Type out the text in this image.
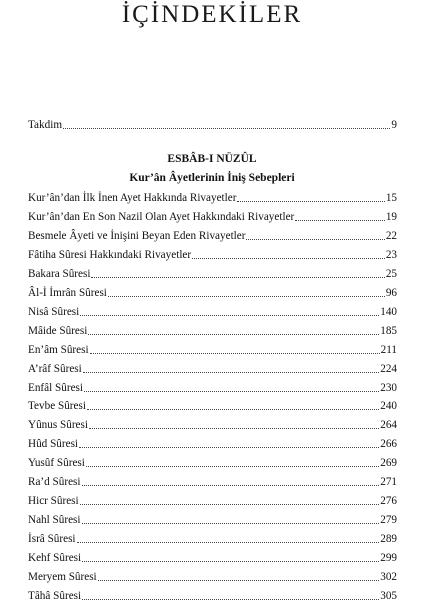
İÇİNDEKİLER
Takdim	9
ESBÂB-I NÜZÛL
Kur’ân Âyetlerinin İniş Sebepleri
Kur’ân’dan İlk İnen Ayet Hakkında Rivayetler	15
Kur’ân’dan En Son Nazil Olan Ayet Hakkındaki Rivayetler	19
Besmele Âyeti ve İnişini Beyan Eden Rivayetler	22
Fâtiha Sûresi Hakkındaki Rivayetler	23
Bakara Sûresi	25
Âl-İ İmrân Sûresi	96
Nisâ Sûresi	140
Mâide Sûresi	185
En’âm Sûresi	211
A’râf Sûresi	224
Enfâl Sûresi	230
Tevbe Sûresi	240
Yûnus Sûresi	264
Hûd Sûresi	266
Yusûf Sûresi	269
Ra’d Sûresi	271
Hicr Sûresi	276
Nahl Sûresi	279
İsrâ Sûresi	289
Kehf Sûresi	299
Meryem Sûresi	302
Tâhâ Sûresi	305
